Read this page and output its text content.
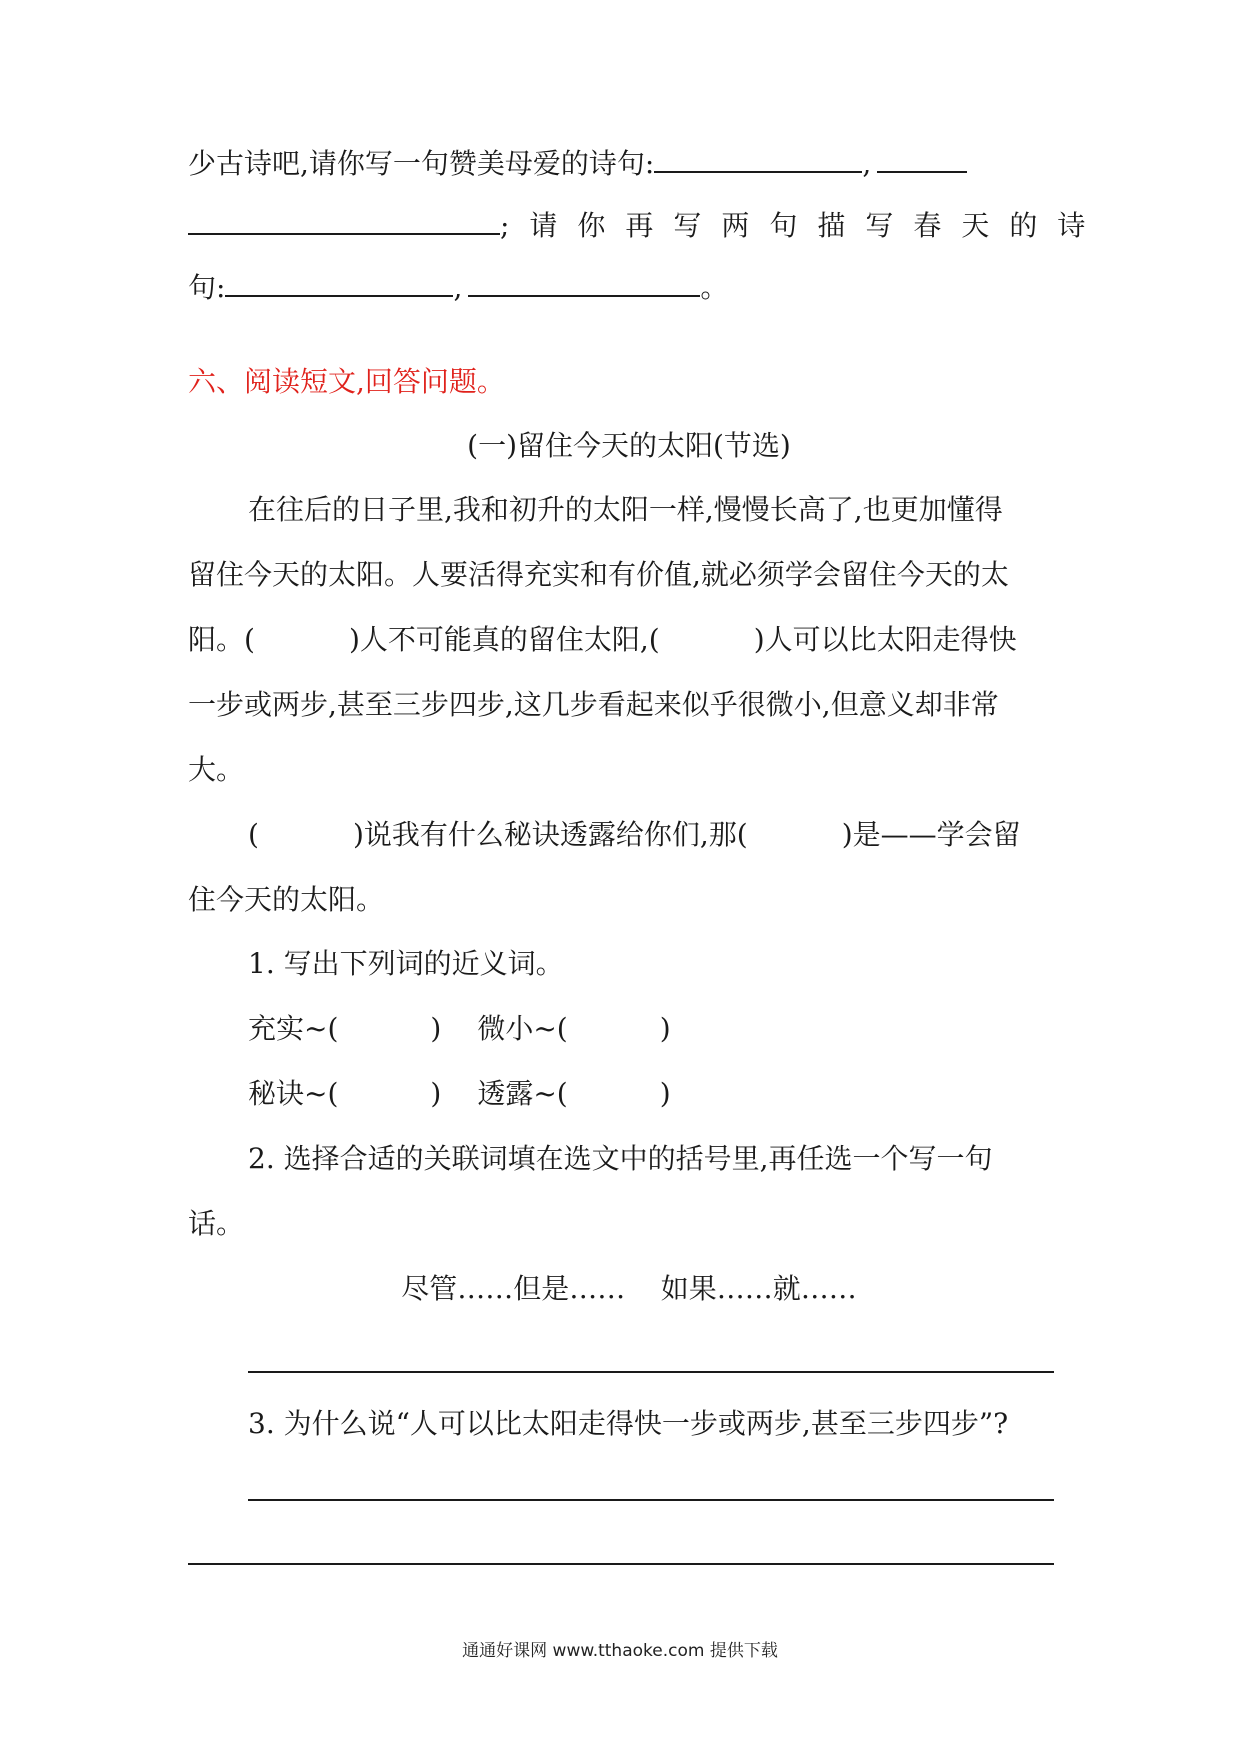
少古诗吧,请你写一句赞美母爱的诗句:	,
;请你再写两句描写春天的诗
句:	,	。
六、阅读短文,回答问题。
(一)留住今天的太阳(节选)
在往后的日子里,我和初升的太阳一样,慢慢长高了,也更加懂得
留住今天的太阳。人要活得充实和有价值,就必须学会留住今天的太
阳。(	)人不可能真的留住太阳,(	)人可以比太阳走得快
一步或两步,甚至三步四步,这几步看起来似乎很微小,但意义却非常
大。
(	)说我有什么秘诀透露给你们,那(	)是——学会留
住今天的太阳。
1. 写出下列词的近义词。
充实~(	) 微小~(	)
秘诀~(	) 透露~(	)
2. 选择合适的关联词填在选文中的括号里,再任选一个写一句
话。
尽管……但是……    如果……就……
3. 为什么说“人可以比太阳走得快一步或两步,甚至三步四步”?
通通好课网 www.tthaoke.com 提供下载
